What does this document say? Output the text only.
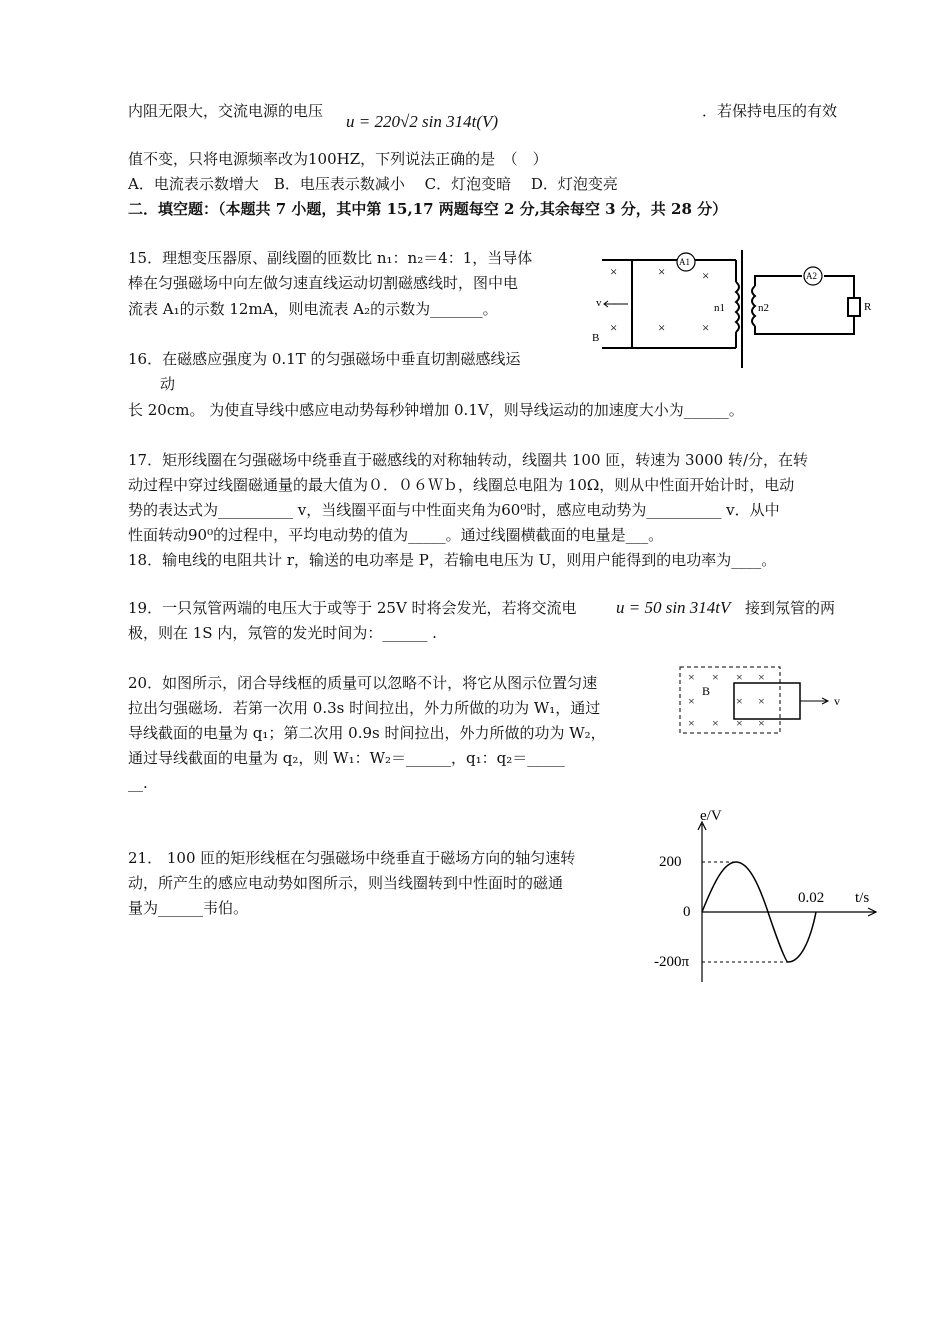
内阻无限大，交流电源的电压
u = 220√2 sin 314t(V)
．若保持电压的有效
值不变，只将电源频率改为100HZ，下列说法正确的是　（　）
A．电流表示数增大　B．电压表示数减小　 C．灯泡变暗　 D．灯泡变亮
二．填空题：（本题共 7 小题，其中第 15,17 两题每空 2 分,其余每空 3 分，共 28 分）
15．理想变压器原、副线圈的匝数比 n₁：n₂＝4：1，当导体
棒在匀强磁场中向左做匀速直线运动切割磁感线时，图中电
流表 A₁的示数 12mA，则电流表 A₂的示数为_______。
A1
A2
n1	n2	R
v
B
×	×	×
×	×	×
16．在磁感应强度为 0.1T 的匀强磁场中垂直切割磁感线运
动
长 20cm。 为使直导线中感应电动势每秒钟增加 0.1V，则导线运动的加速度大小为______。
17．矩形线圈在匀强磁场中绕垂直于磁感线的对称轴转动，线圈共 100 匝，转速为 3000 转/分，在转
动过程中穿过线圈磁通量的最大值为０．０６Ｗｂ，线圈总电阻为 10Ω，则从中性面开始计时，电动
势的表达式为__________ v，当线圈平面与中性面夹角为60⁰时，感应电动势为__________ v．从中
性面转动90⁰的过程中，平均电动势的值为_____。通过线圈横截面的电量是___。
18．输电线的电阻共计 r，输送的电功率是 P，若输电电压为 U，则用户能得到的电功率为____。
19．一只氖管两端的电压大于或等于 25V 时将会发光，若将交流电 u = 50 sin 314tV 接到氖管的两
极，则在 1S 内，氖管的发光时间为：______ .
20．如图所示，闭合导线框的质量可以忽略不计，将它从图示位置匀速
拉出匀强磁场．若第一次用 0.3s 时间拉出，外力所做的功为 W₁，通过
导线截面的电量为 q₁；第二次用 0.9s 时间拉出，外力所做的功为 W₂，
通过导线截面的电量为 q₂，则 W₁：W₂＝______，q₁：q₂＝_____
__.
× × × ×
× ×
×
× × × ×
B
v
21． 100 匝的矩形线框在匀强磁场中绕垂直于磁场方向的轴匀速转
动，所产生的感应电动势如图所示，则当线圈转到中性面时的磁通
量为______韦伯。
e/V
t/s
200
0
-200π
0.02
